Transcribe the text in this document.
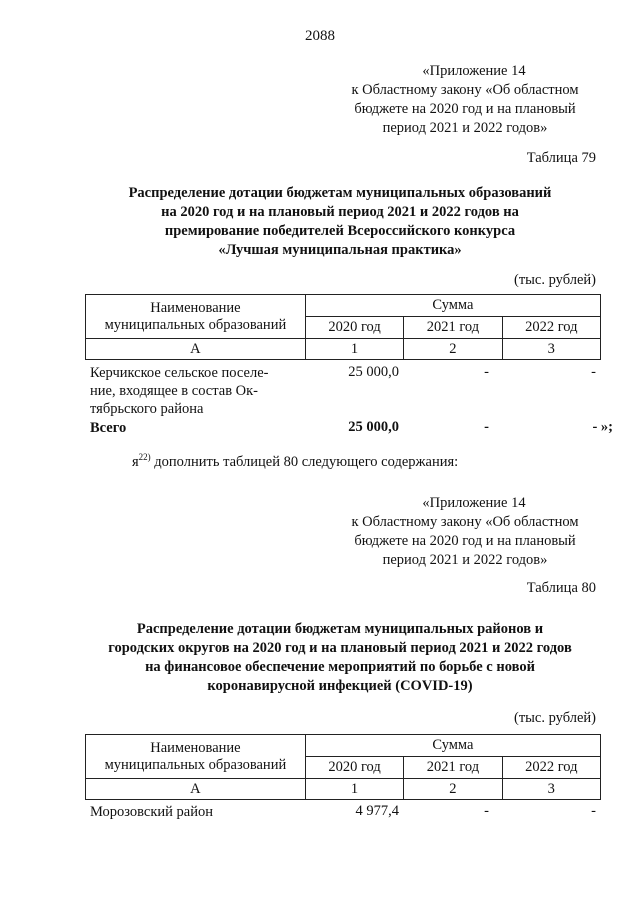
2088
«Приложение 14
к Областному закону «Об областном
бюджете на 2020 год и на плановый
период 2021 и 2022 годов»
Таблица 79
Распределение дотации бюджетам муниципальных образований
на 2020 год и на плановый период 2021 и 2022 годов на
премирование победителей Всероссийского конкурса
«Лучшая муниципальная практика»
(тыс. рублей)
Наименование
муниципальных образований	Сумма		
	2020 год	2021 год	2022 год
А	1	2	3
Керчикское сельское поселе-
ние, входящее в состав Ок-
тябрьского района
25 000,0	-	-
Всего	25 000,0	-	- »;
$я^{22)}$ дополнить таблицей 80 следующего содержания:
«Приложение 14
к Областному закону «Об областном
бюджете на 2020 год и на плановый
период 2021 и 2022 годов»
Таблица 80
Распределение дотации бюджетам муниципальных районов и
городских округов на 2020 год и на плановый период 2021 и 2022 годов
на финансовое обеспечение мероприятий по борьбе с новой
коронавирусной инфекцией (COVID-19)
(тыс. рублей)
Наименование
муниципальных образований	Сумма		
	2020 год	2021 год	2022 год
А	1	2	3
Морозовский район	4 977,4	-	-
